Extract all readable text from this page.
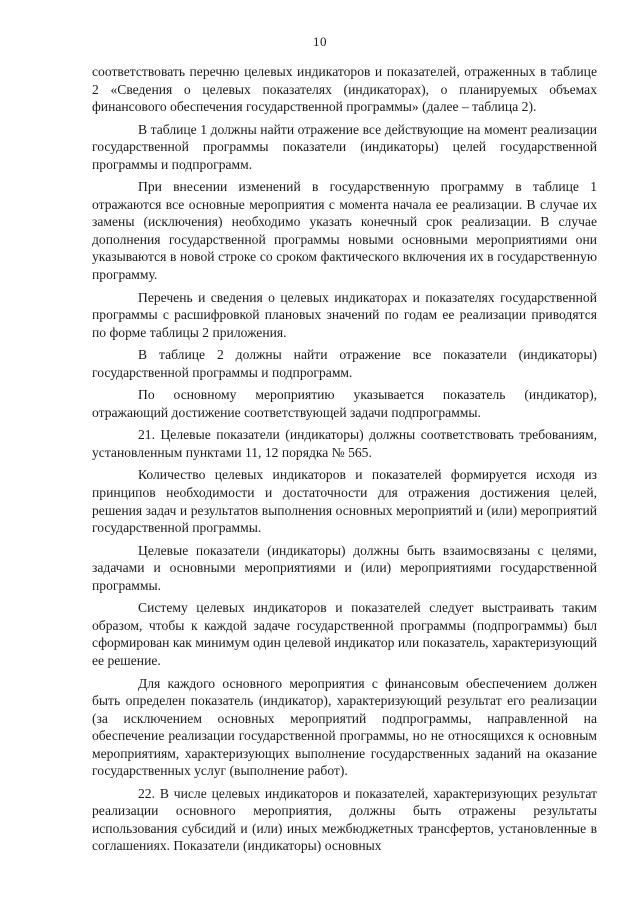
10

соответствовать перечню целевых индикаторов и показателей, отраженных в таблице 2 «Сведения о целевых показателях (индикаторах), о планируемых объемах финансового обеспечения государственной программы» (далее – таблица 2).

В таблице 1 должны найти отражение все действующие на момент реализации государственной программы показатели (индикаторы) целей государственной программы и подпрограмм.

При внесении изменений в государственную программу в таблице 1 отражаются все основные мероприятия с момента начала ее реализации. В случае их замены (исключения) необходимо указать конечный срок реализации. В случае дополнения государственной программы новыми основными мероприятиями они указываются в новой строке со сроком фактического включения их в государственную программу.

Перечень и сведения о целевых индикаторах и показателях государственной программы с расшифровкой плановых значений по годам ее реализации приводятся по форме таблицы 2 приложения.

В таблице 2 должны найти отражение все показатели (индикаторы) государственной программы и подпрограмм.

По основному мероприятию указывается показатель (индикатор), отражающий достижение соответствующей задачи подпрограммы.

21. Целевые показатели (индикаторы) должны соответствовать требованиям, установленным пунктами 11, 12 порядка № 565.

Количество целевых индикаторов и показателей формируется исходя из принципов необходимости и достаточности для отражения достижения целей, решения задач и результатов выполнения основных мероприятий и (или) мероприятий государственной программы.

Целевые показатели (индикаторы) должны быть взаимосвязаны с целями, задачами и основными мероприятиями и (или) мероприятиями государственной программы.

Систему целевых индикаторов и показателей следует выстраивать таким образом, чтобы к каждой задаче государственной программы (подпрограммы) был сформирован как минимум один целевой индикатор или показатель, характеризующий ее решение.

Для каждого основного мероприятия с финансовым обеспечением должен быть определен показатель (индикатор), характеризующий результат его реализации (за исключением основных мероприятий подпрограммы, направленной на обеспечение реализации государственной программы, но не относящихся к основным мероприятиям, характеризующих выполнение государственных заданий на оказание государственных услуг (выполнение работ).

22. В числе целевых индикаторов и показателей, характеризующих результат реализации основного мероприятия, должны быть отражены результаты использования субсидий и (или) иных межбюджетных трансфертов, установленные в соглашениях. Показатели (индикаторы) основных
